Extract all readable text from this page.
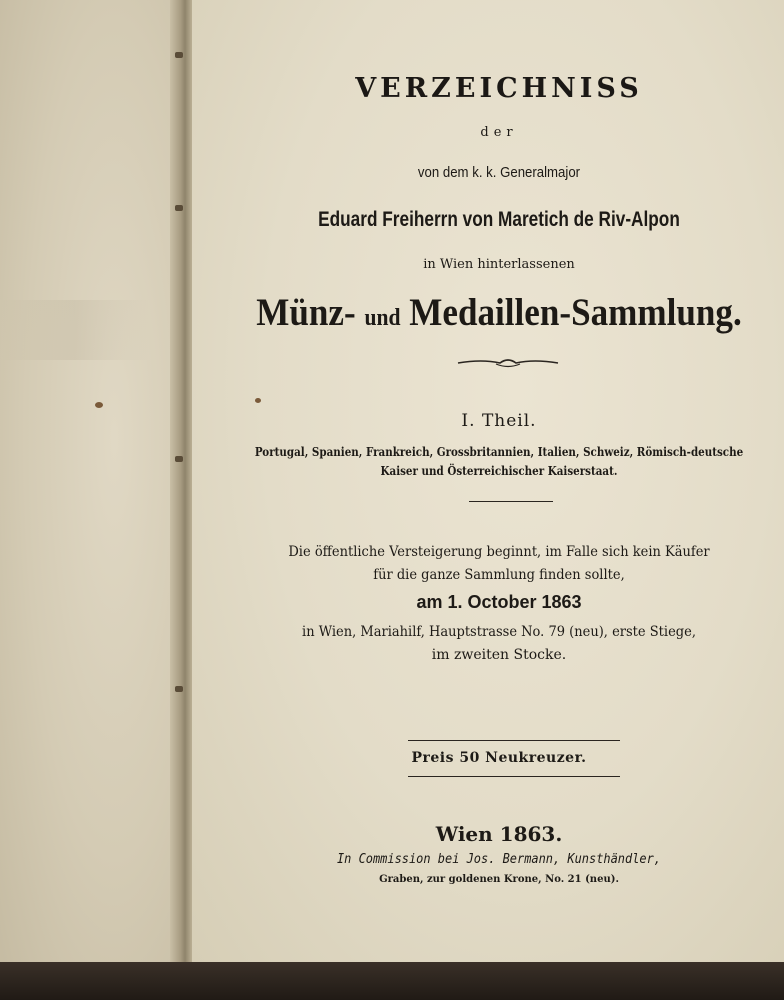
VERZEICHNISS
der
von dem k. k. Generalmajor
Eduard Freiherrn von Maretich de Riv-Alpon
in Wien hinterlassenen
Münz- und Medaillen-Sammlung.
I. Theil.
Portugal, Spanien, Frankreich, Grossbritannien, Italien, Schweiz, Römisch-deutsche
Kaiser und Österreichischer Kaiserstaat.
Die öffentliche Versteigerung beginnt, im Falle sich kein Käufer
für die ganze Sammlung finden sollte,
am 1. October 1863
in Wien, Mariahilf, Hauptstrasse No. 79 (neu), erste Stiege,
im zweiten Stocke.
Preis 50 Neukreuzer.
Wien 1863.
In Commission bei Jos. Bermann, Kunsthändler,
Graben, zur goldenen Krone, No. 21 (neu).
